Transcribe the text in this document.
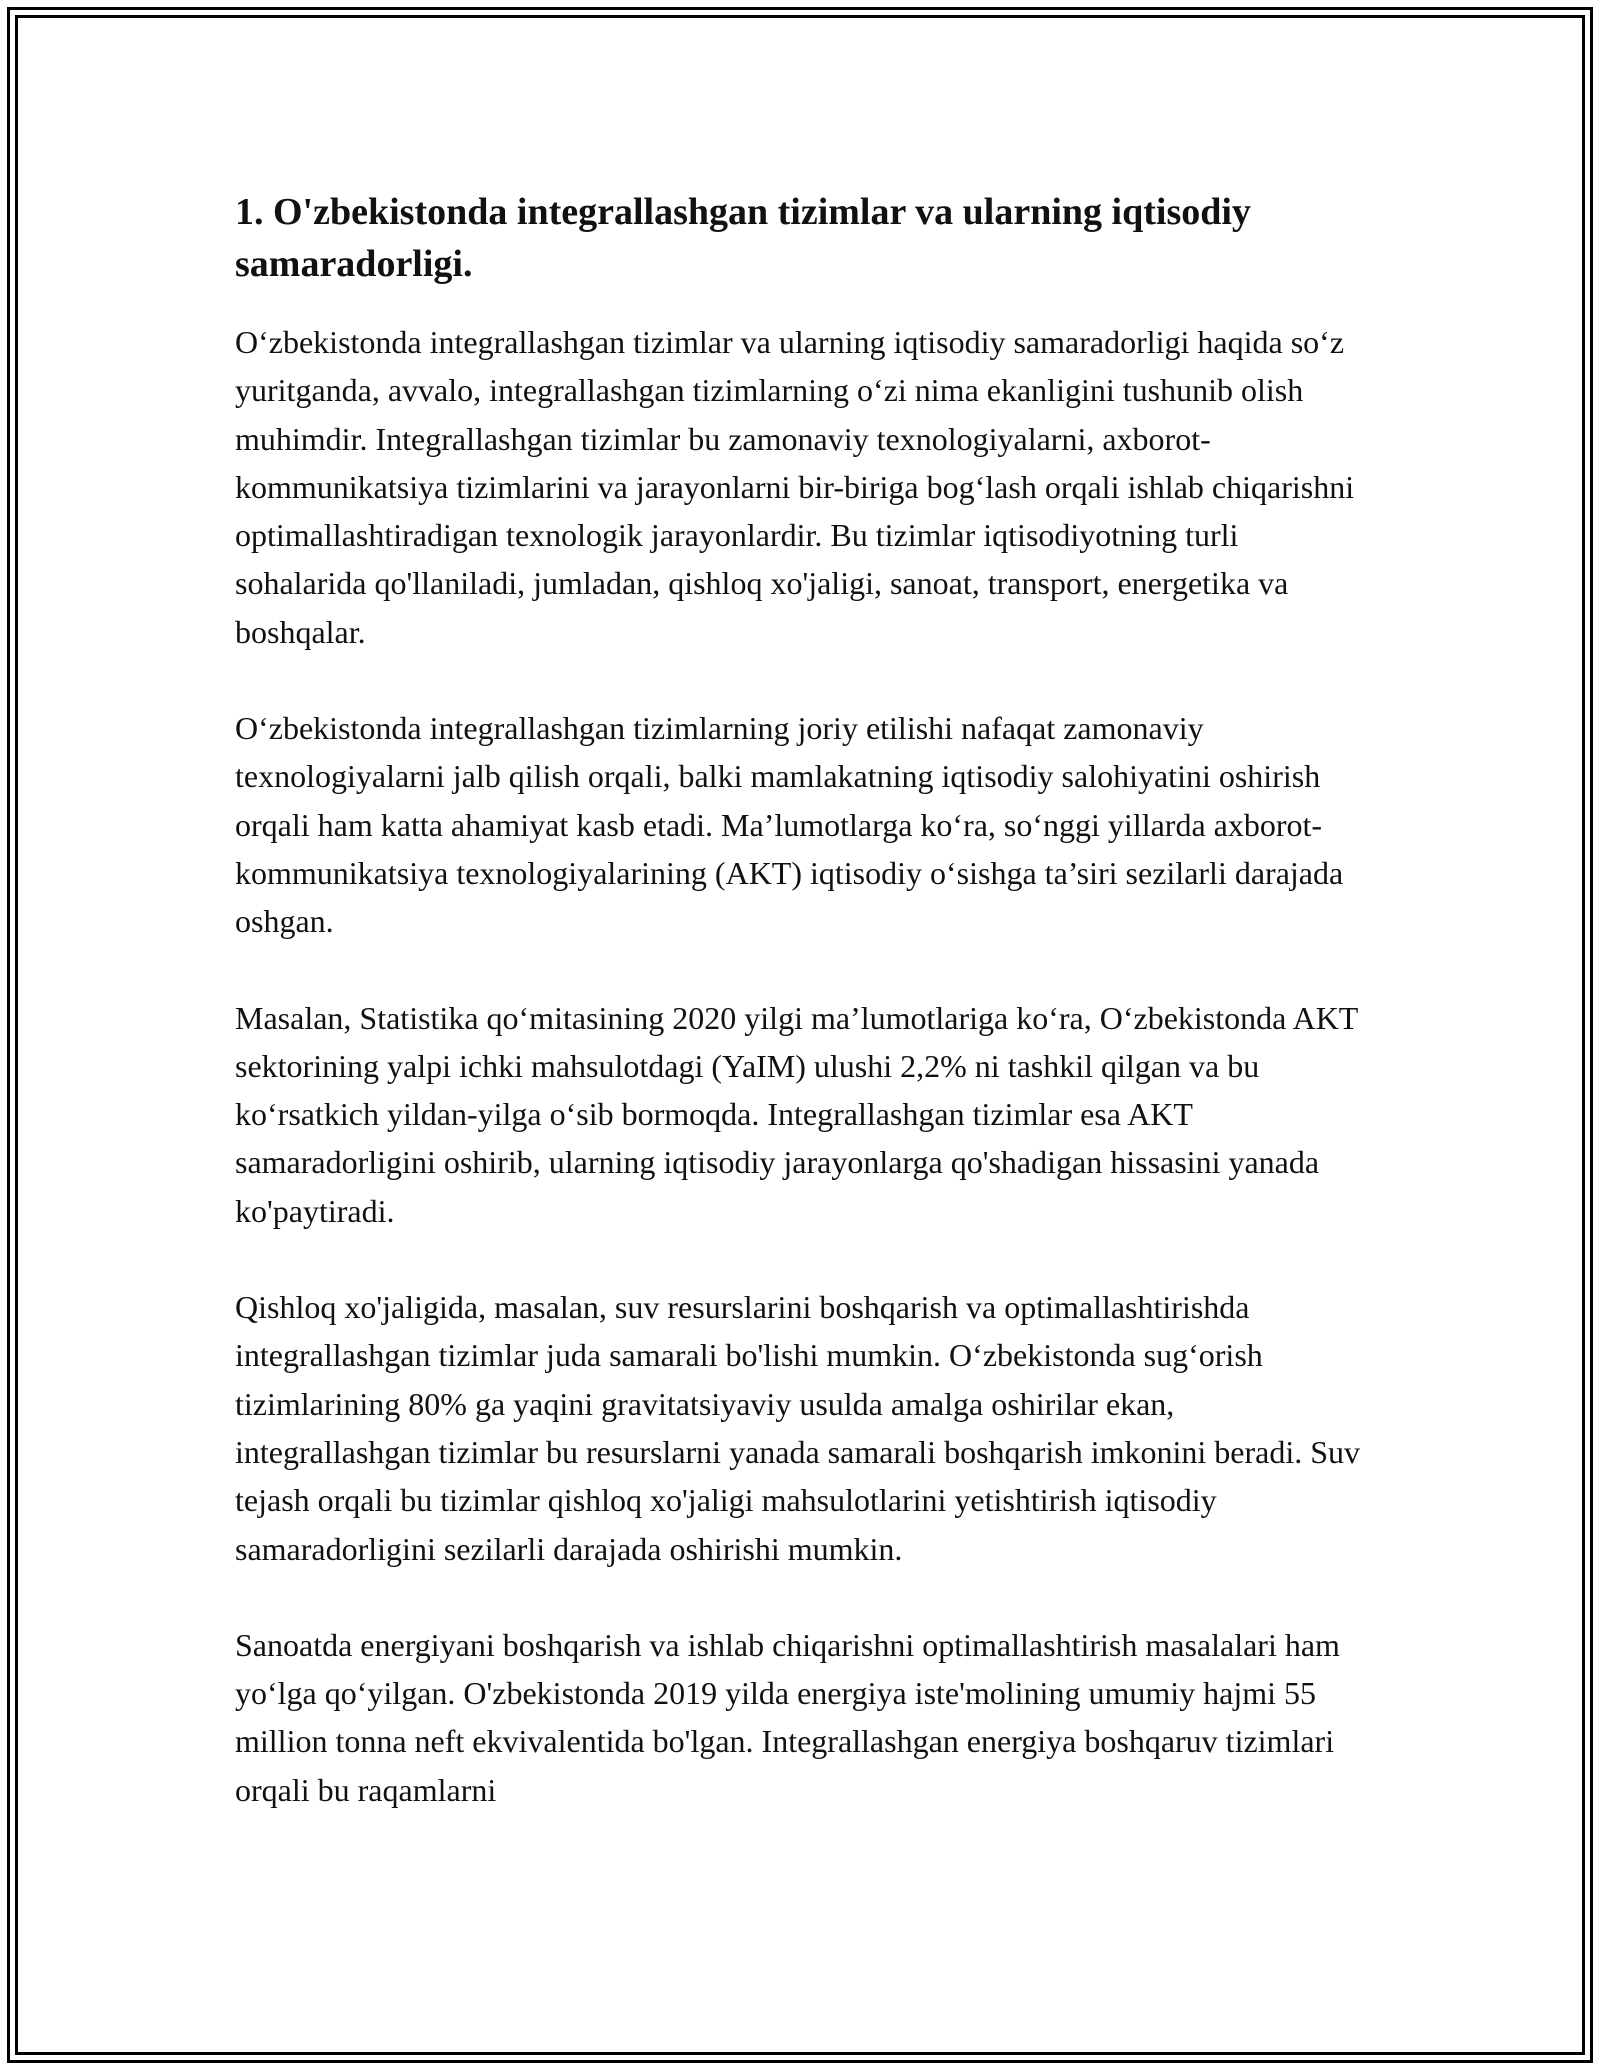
1. O'zbekistonda integrallashgan tizimlar va ularning iqtisodiy samaradorligi.

O‘zbekistonda integrallashgan tizimlar va ularning iqtisodiy samaradorligi haqida so‘z yuritganda, avvalo, integrallashgan tizimlarning o‘zi nima ekanligini tushunib olish muhimdir. Integrallashgan tizimlar bu zamonaviy texnologiyalarni, axborot-kommunikatsiya tizimlarini va jarayonlarni bir-biriga bog‘lash orqali ishlab chiqarishni optimallashtiradigan texnologik jarayonlardir. Bu tizimlar iqtisodiyotning turli sohalarida qo'llaniladi, jumladan, qishloq xo'jaligi, sanoat, transport, energetika va boshqalar.

O‘zbekistonda integrallashgan tizimlarning joriy etilishi nafaqat zamonaviy texnologiyalarni jalb qilish orqali, balki mamlakatning iqtisodiy salohiyatini oshirish orqali ham katta ahamiyat kasb etadi. Ma’lumotlarga ko‘ra, so‘nggi yillarda axborot-kommunikatsiya texnologiyalarining (AKT) iqtisodiy o‘sishga ta’siri sezilarli darajada oshgan.

Masalan, Statistika qo‘mitasining 2020 yilgi ma’lumotlariga ko‘ra, O‘zbekistonda AKT sektorining yalpi ichki mahsulotdagi (YaIM) ulushi 2,2% ni tashkil qilgan va bu ko‘rsatkich yildan-yilga o‘sib bormoqda. Integrallashgan tizimlar esa AKT samaradorligini oshirib, ularning iqtisodiy jarayonlarga qo'shadigan hissasini yanada ko'paytiradi.

Qishloq xo'jaligida, masalan, suv resurslarini boshqarish va optimallashtirishda integrallashgan tizimlar juda samarali bo'lishi mumkin. O‘zbekistonda sug‘orish tizimlarining 80% ga yaqini gravitatsiyaviy usulda amalga oshirilar ekan, integrallashgan tizimlar bu resurslarni yanada samarali boshqarish imkonini beradi. Suv tejash orqali bu tizimlar qishloq xo'jaligi mahsulotlarini yetishtirish iqtisodiy samaradorligini sezilarli darajada oshirishi mumkin.

Sanoatda energiyani boshqarish va ishlab chiqarishni optimallashtirish masalalari ham yo‘lga qo‘yilgan. O'zbekistonda 2019 yilda energiya iste'molining umumiy hajmi 55 million tonna neft ekvivalentida bo'lgan. Integrallashgan energiya boshqaruv tizimlari orqali bu raqamlarni
